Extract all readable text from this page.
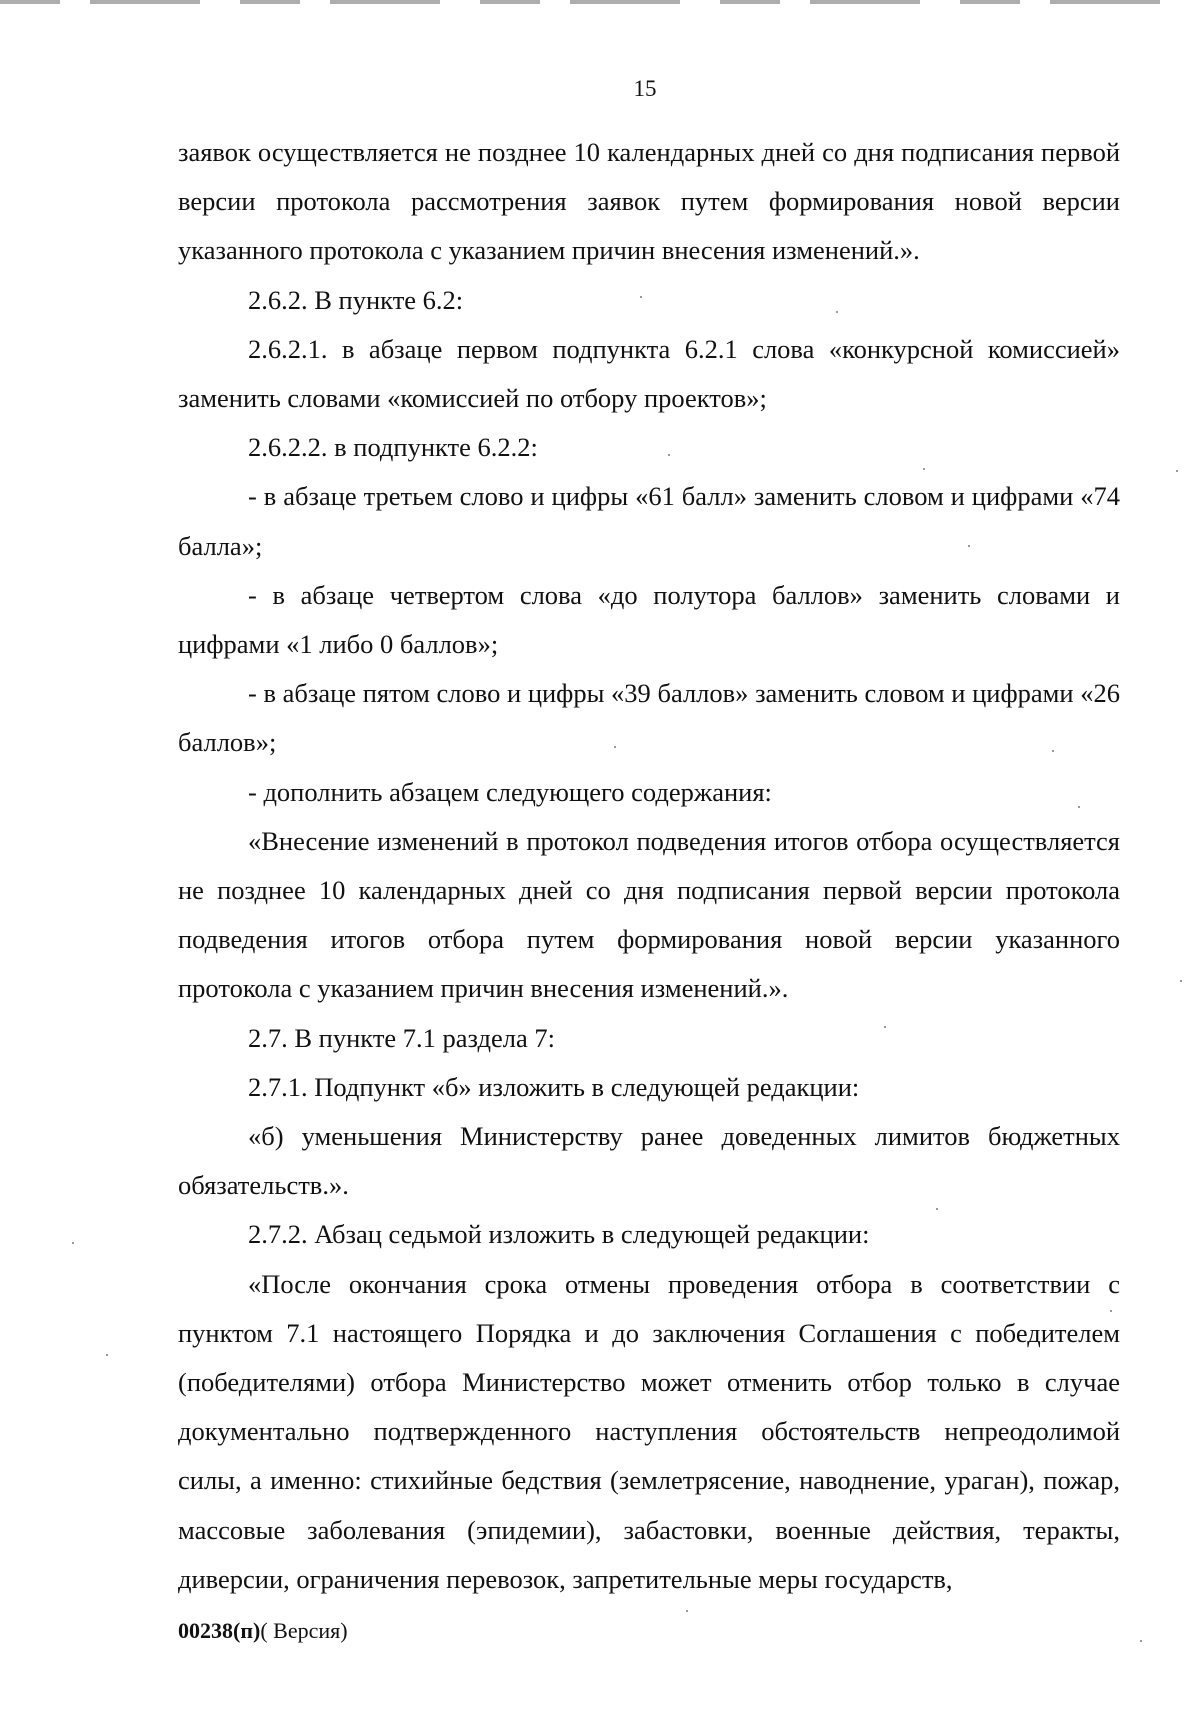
15

заявок осуществляется не позднее 10 календарных дней со дня подписания первой версии протокола рассмотрения заявок путем формирования новой версии указанного протокола с указанием причин внесения изменений.».

2.6.2. В пункте 6.2:

2.6.2.1. в абзаце первом подпункта 6.2.1 слова «конкурсной комиссией» заменить словами «комиссией по отбору проектов»;

2.6.2.2. в подпункте 6.2.2:

- в абзаце третьем слово и цифры «61 балл» заменить словом и цифрами «74 балла»;

- в абзаце четвертом слова «до полутора баллов» заменить словами и цифрами «1 либо 0 баллов»;

- в абзаце пятом слово и цифры «39 баллов» заменить словом и цифрами «26 баллов»;

- дополнить абзацем следующего содержания:

«Внесение изменений в протокол подведения итогов отбора осуществляется не позднее 10 календарных дней со дня подписания первой версии протокола подведения итогов отбора путем формирования новой версии указанного протокола с указанием причин внесения изменений.».

2.7. В пункте 7.1 раздела 7:

2.7.1. Подпункт «б» изложить в следующей редакции:

«б) уменьшения Министерству ранее доведенных лимитов бюджетных обязательств.».

2.7.2. Абзац седьмой изложить в следующей редакции:

«После окончания срока отмены проведения отбора в соответствии с пунктом 7.1 настоящего Порядка и до заключения Соглашения с победителем (победителями) отбора Министерство может отменить отбор только в случае документально подтвержденного наступления обстоятельств непреодолимой силы, а именно: стихийные бедствия (землетрясение, наводнение, ураган), пожар, массовые заболевания (эпидемии), забастовки, военные действия, теракты, диверсии, ограничения перевозок, запретительные меры государств,

00238(п)( Версия)
